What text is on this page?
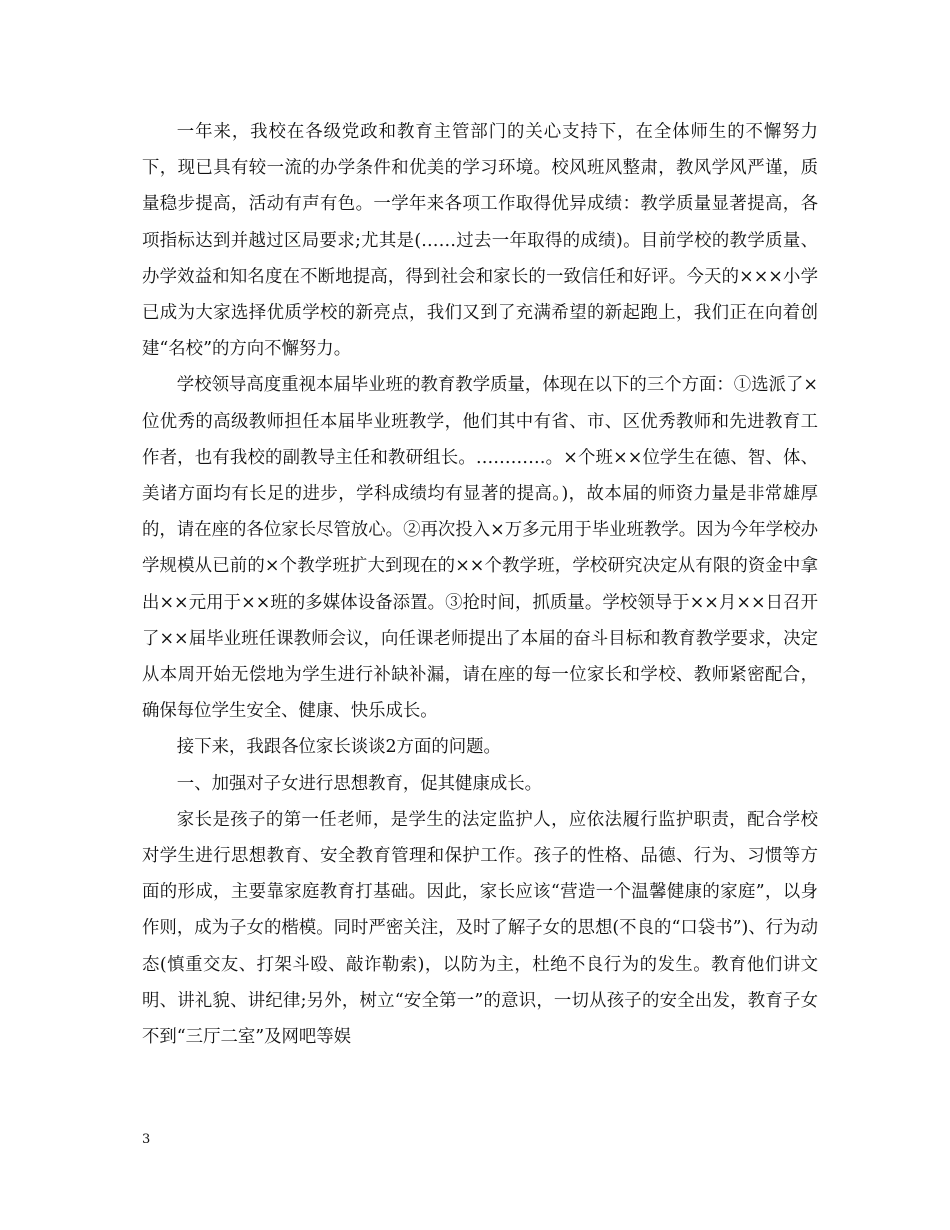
一年来，我校在各级党政和教育主管部门的关心支持下，在全体师生的不懈努力下，现已具有较一流的办学条件和优美的学习环境。校风班风整肃，教风学风严谨，质量稳步提高，活动有声有色。一学年来各项工作取得优异成绩：教学质量显著提高，各项指标达到并越过区局要求;尤其是(……过去一年取得的成绩)。目前学校的教学质量、办学效益和知名度在不断地提高，得到社会和家长的一致信任和好评。今天的×××小学已成为大家选择优质学校的新亮点，我们又到了充满希望的新起跑上，我们正在向着创建“名校”的方向不懈努力。

学校领导高度重视本届毕业班的教育教学质量，体现在以下的三个方面：①选派了×位优秀的高级教师担任本届毕业班教学，他们其中有省、市、区优秀教师和先进教育工作者，也有我校的副教导主任和教研组长。…………。×个班××位学生在德、智、体、美诸方面均有长足的进步，学科成绩均有显著的提高。)，故本届的师资力量是非常雄厚的，请在座的各位家长尽管放心。②再次投入×万多元用于毕业班教学。因为今年学校办学规模从已前的×个教学班扩大到现在的××个教学班，学校研究决定从有限的资金中拿出××元用于××班的多媒体设备添置。③抢时间，抓质量。学校领导于××月××日召开了××届毕业班任课教师会议，向任课老师提出了本届的奋斗目标和教育教学要求，决定从本周开始无偿地为学生进行补缺补漏，请在座的每一位家长和学校、教师紧密配合，确保每位学生安全、健康、快乐成长。

接下来，我跟各位家长谈谈2方面的问题。

一、加强对子女进行思想教育，促其健康成长。

家长是孩子的第一任老师，是学生的法定监护人，应依法履行监护职责，配合学校对学生进行思想教育、安全教育管理和保护工作。孩子的性格、品德、行为、习惯等方面的形成，主要靠家庭教育打基础。因此，家长应该“营造一个温馨健康的家庭”，以身作则，成为子女的楷模。同时严密关注，及时了解子女的思想(不良的“口袋书”)、行为动态(慎重交友、打架斗殴、敲诈勒索)，以防为主，杜绝不良行为的发生。教育他们讲文明、讲礼貌、讲纪律;另外，树立“安全第一”的意识，一切从孩子的安全出发，教育子女不到“三厅二室”及网吧等娱

3
